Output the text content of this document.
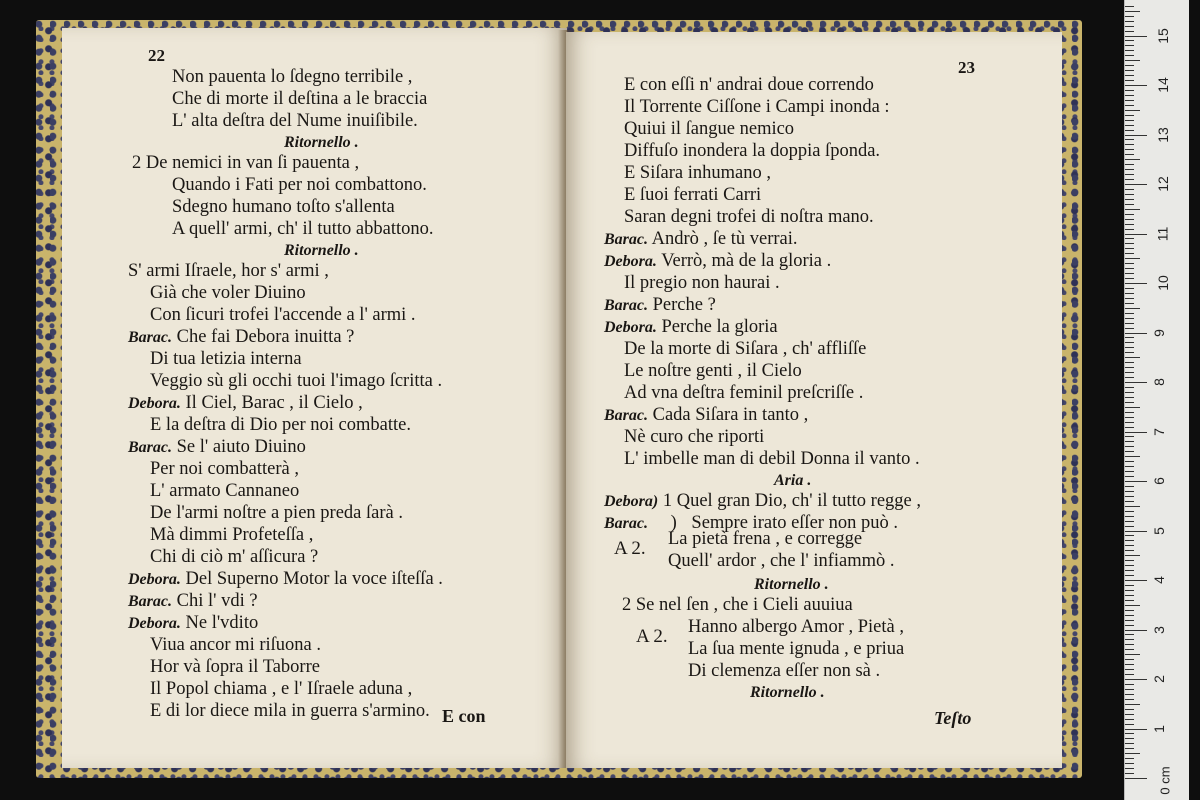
22
Non pauenta lo ſdegno terribile ,
Che di morte il deſtina a le braccia
L' alta deſtra del Nume inuiſibile.
Ritornello .
2 De nemici in van ſi pauenta ,
Quando i Fati per noi combattono.
Sdegno humano toſto s'allenta
A quell' armi, ch' il tutto abbattono.
Ritornello .
S' armi Iſraele, hor s' armi ,
Già che voler Diuino
Con ſicuri trofei l'accende a l' armi .
Barac. Che fai Debora inuitta ?
Di tua letizia interna
Veggio sù gli occhi tuoi l'imago ſcritta .
Debora. Il Ciel, Barac , il Cielo ,
E la deſtra di Dio per noi combatte.
Barac. Se l' aiuto Diuino
Per noi combatterà ,
L' armato Cannaneo
De l'armi noſtre a pien preda ſarà .
Mà dimmi Profeteſſa ,
Chi di ciò m' aſſicura ?
Debora. Del Superno Motor la voce iſteſſa .
Barac. Chi l' vdi ?
Debora. Ne l'vdito
Viua ancor mi riſuona .
Hor và ſopra il Taborre
Il Popol chiama , e l' Iſraele aduna ,
E di lor diece mila in guerra s'armino. E con
23
E con eſſi n' andrai doue correndo
Il Torrente Ciſſone i Campi inonda :
Quiui il ſangue nemico
Diffuſo inondera la doppia ſponda.
E Siſara inhumano ,
E ſuoi ferrati Carri
Saran degni trofei di noſtra mano.
Barac. Andrò , ſe tù verrai.
Debora. Verrò, mà de la gloria .
Il pregio non haurai .
Barac. Perche ?
Debora. Perche la gloria
De la morte di Siſara , ch' affliſſe
Le noſtre genti , il Cielo
Ad vna deſtra feminil preſcriſſe .
Barac. Cada Siſara in tanto ,
Nè curo che riporti
L' imbelle man di debil Donna il vanto .
Aria .
Debora) 1 Quel gran Dio, ch' il tutto regge ,
Barac. ) Sempre irato eſſer non può .
A 2. La pietà frena , e corregge
Quell' ardor , che l' infiammò .
Ritornello .
2 Se nel ſen , che i Cieli auuiua
A 2. Hanno albergo Amor , Pietà ,
La ſua mente ignuda , e priua
Di clemenza eſſer non sà .
Ritornello .
Teſto
1
2
3
4
5
6
7
8
9
10
11
12
13
14
15
0 cm
